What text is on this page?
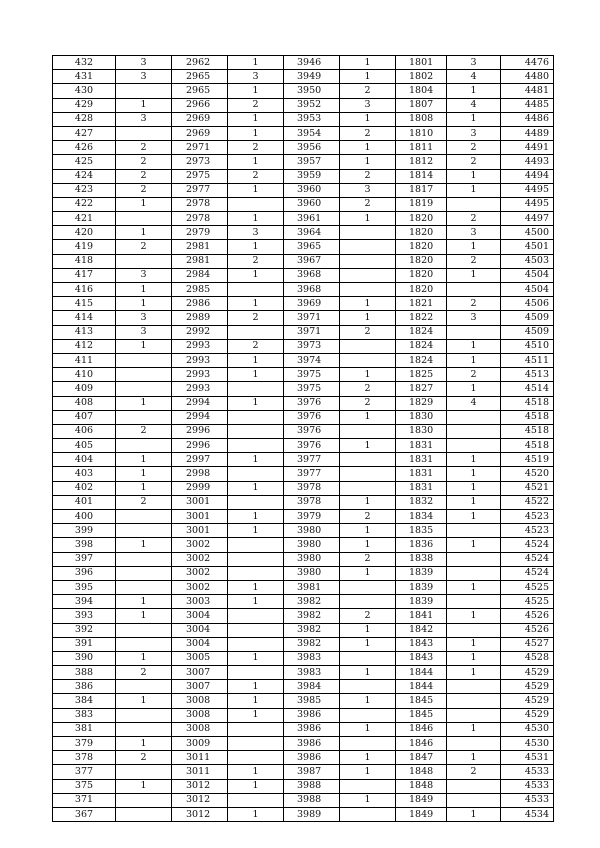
432	3	2962	1	3946	1	1801	3	4476
431	3	2965	3	3949	1	1802	4	4480
430		2965	1	3950	2	1804	1	4481
429	1	2966	2	3952	3	1807	4	4485
428	3	2969	1	3953	1	1808	1	4486
427		2969	1	3954	2	1810	3	4489
426	2	2971	2	3956	1	1811	2	4491
425	2	2973	1	3957	1	1812	2	4493
424	2	2975	2	3959	2	1814	1	4494
423	2	2977	1	3960	3	1817	1	4495
422	1	2978		3960	2	1819		4495
421		2978	1	3961	1	1820	2	4497
420	1	2979	3	3964		1820	3	4500
419	2	2981	1	3965		1820	1	4501
418		2981	2	3967		1820	2	4503
417	3	2984	1	3968		1820	1	4504
416	1	2985		3968		1820		4504
415	1	2986	1	3969	1	1821	2	4506
414	3	2989	2	3971	1	1822	3	4509
413	3	2992		3971	2	1824		4509
412	1	2993	2	3973		1824	1	4510
411		2993	1	3974		1824	1	4511
410		2993	1	3975	1	1825	2	4513
409		2993		3975	2	1827	1	4514
408	1	2994	1	3976	2	1829	4	4518
407		2994		3976	1	1830		4518
406	2	2996		3976		1830		4518
405		2996		3976	1	1831		4518
404	1	2997	1	3977		1831	1	4519
403	1	2998		3977		1831	1	4520
402	1	2999	1	3978		1831	1	4521
401	2	3001		3978	1	1832	1	4522
400		3001	1	3979	2	1834	1	4523
399		3001	1	3980	1	1835		4523
398	1	3002		3980	1	1836	1	4524
397		3002		3980	2	1838		4524
396		3002		3980	1	1839		4524
395		3002	1	3981		1839	1	4525
394	1	3003	1	3982		1839		4525
393	1	3004		3982	2	1841	1	4526
392		3004		3982	1	1842		4526
391		3004		3982	1	1843	1	4527
390	1	3005	1	3983		1843	1	4528
388	2	3007		3983	1	1844	1	4529
386		3007	1	3984		1844		4529
384	1	3008	1	3985	1	1845		4529
383		3008	1	3986		1845		4529
381		3008		3986	1	1846	1	4530
379	1	3009		3986		1846		4530
378	2	3011		3986	1	1847	1	4531
377		3011	1	3987	1	1848	2	4533
375	1	3012	1	3988		1848		4533
371		3012		3988	1	1849		4533
367		3012	1	3989		1849	1	4534
